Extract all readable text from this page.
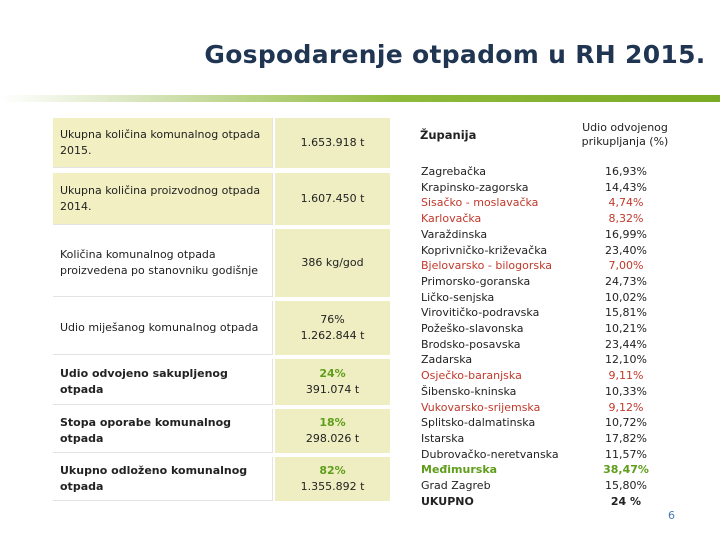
Gospodarenje otpadom u RH 2015.
Ukupna količina komunalnog otpada 2015.
1.653.918 t
Ukupna količina proizvodnog otpada 2014.
1.607.450 t
Količina komunalnog otpada proizvedena po stanovniku godišnje
386 kg/god
Udio miješanog komunalnog otpada
76%
1.262.844 t
Udio odvojeno sakupljenog otpada
24%
391.074 t
Stopa oporabe komunalnog otpada
18%
298.026 t
Ukupno odloženo komunalnog otpada
82%
1.355.892 t
Županija
Udio odvojenog prikupljanja (%)
Zagrebačka
Krapinsko-zagorska
Sisačko - moslavačka
Karlovačka
Varaždinska
Koprivničko-križevačka
Bjelovarsko - bilogorska
Primorsko-goranska
Ličko-senjska
Virovitičko-podravska
Požeško-slavonska
Brodsko-posavska
Zadarska
Osječko-baranjska
Šibensko-kninska
Vukovarsko-srijemska
Splitsko-dalmatinska
Istarska
Dubrovačko-neretvanska
Međimurska
Grad Zagreb
UKUPNO
16,93%
14,43%
4,74%
8,32%
16,99%
23,40%
7,00%
24,73%
10,02%
15,81%
10,21%
23,44%
12,10%
9,11%
10,33%
9,12%
10,72%
17,82%
11,57%
38,47%
15,80%
24 %
6
